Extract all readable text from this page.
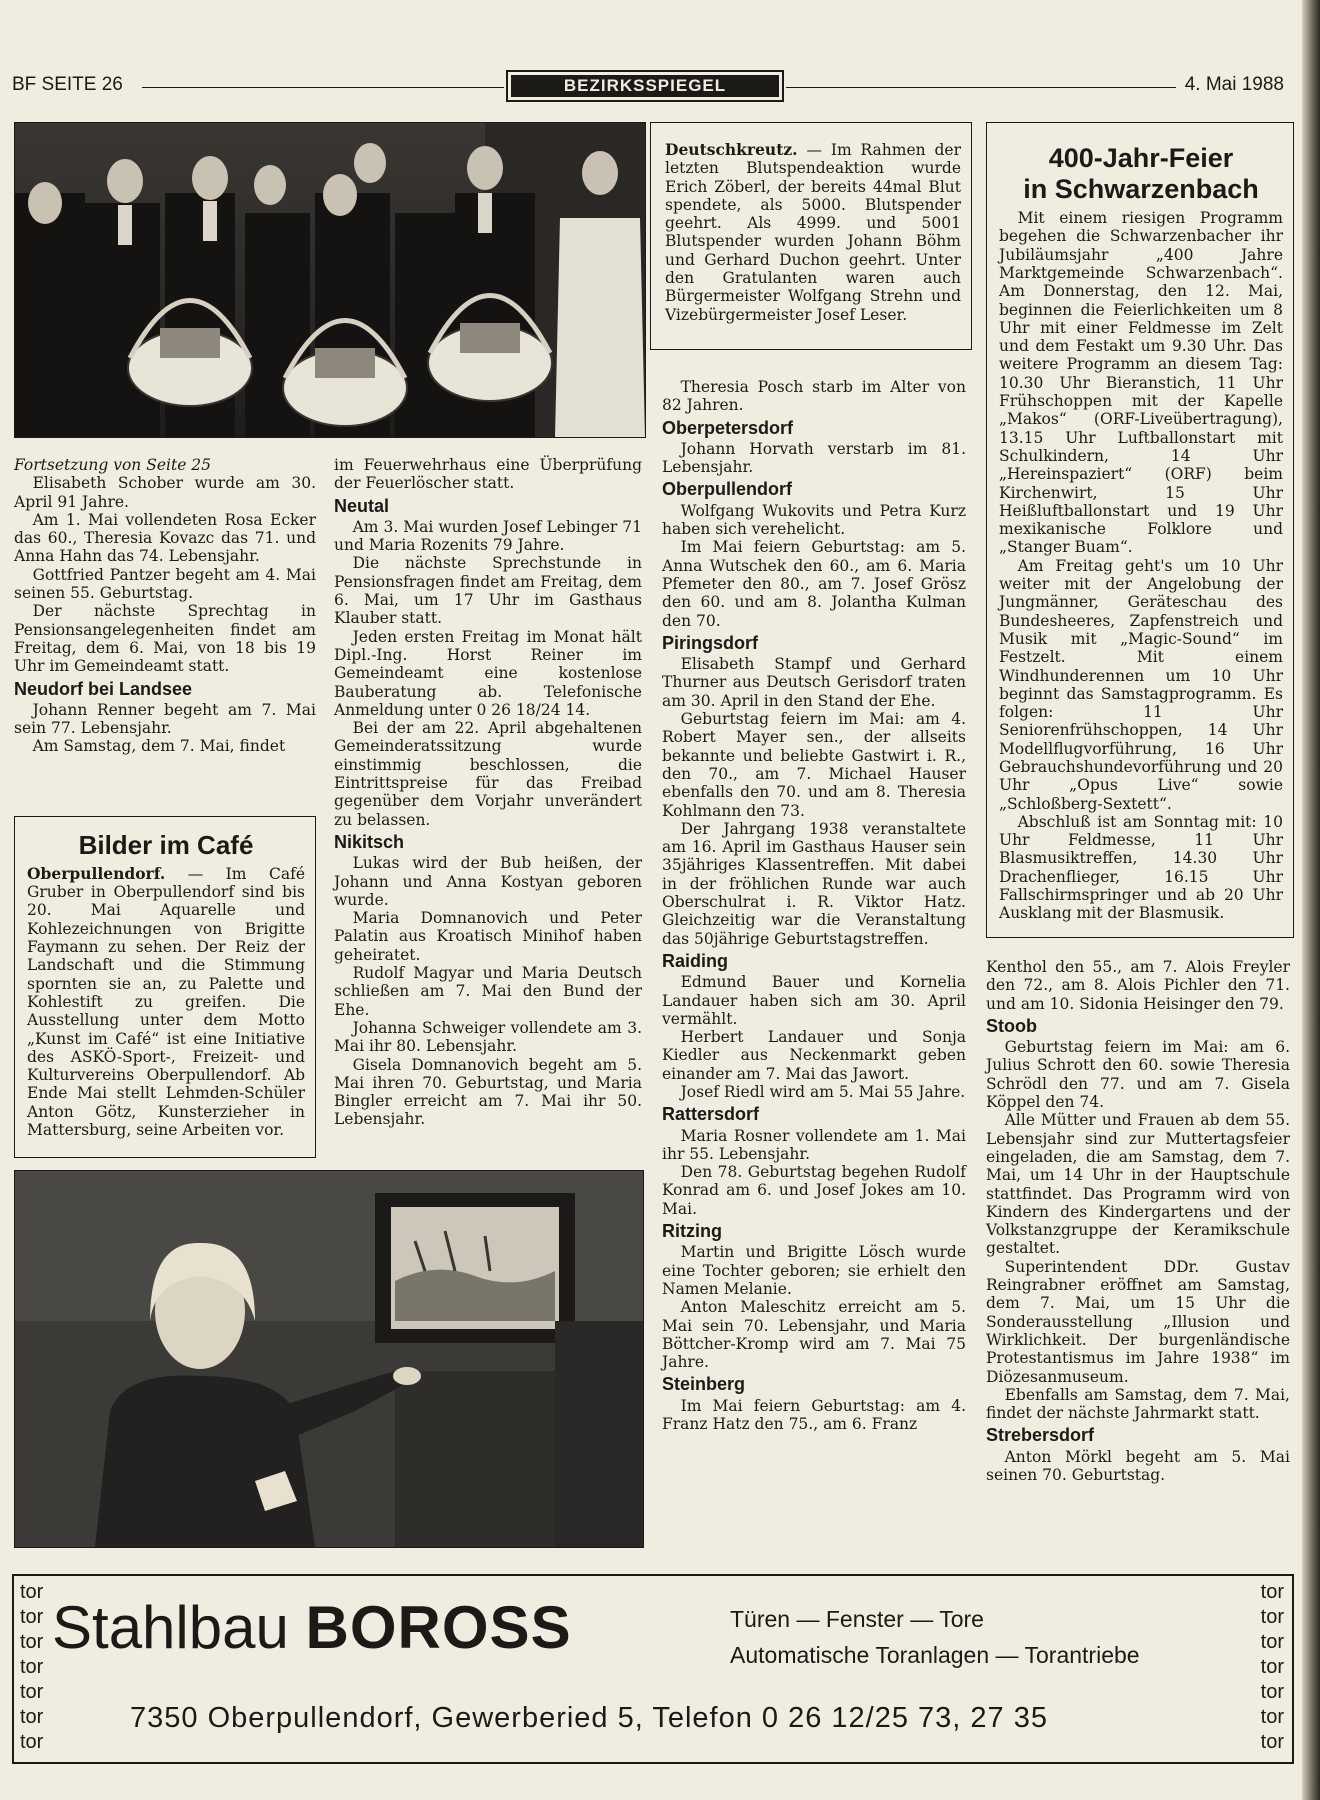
BF SEITE 26	BEZIRKSSPIEGEL	4. Mai 1988

Deutschkreutz. — Im Rahmen der letzten Blutspendeaktion wurde Erich Zöberl, der bereits 44mal Blut spendete, als 5000. Blutspender geehrt. Als 4999. und 5001 Blutspender wurden Johann Böhm und Gerhard Duchon geehrt. Unter den Gratulanten waren auch Bürgermeister Wolfgang Strehn und Vizebürgermeister Josef Leser.

Fortsetzung von Seite 25

Elisabeth Schober wurde am 30. April 91 Jahre.

Am 1. Mai vollendeten Rosa Ecker das 60., Theresia Kovazc das 71. und Anna Hahn das 74. Lebensjahr.

Gottfried Pantzer begeht am 4. Mai seinen 55. Geburtstag.

Der nächste Sprechtag in Pensionsangelegenheiten findet am Freitag, dem 6. Mai, von 18 bis 19 Uhr im Gemeindeamt statt.

Neudorf bei Landsee

Johann Renner begeht am 7. Mai sein 77. Lebensjahr.

Am Samstag, dem 7. Mai, findet

Bilder im Café

Oberpullendorf. — Im Café Gruber in Oberpullendorf sind bis 20. Mai Aquarelle und Kohlezeichnungen von Brigitte Faymann zu sehen. Der Reiz der Landschaft und die Stimmung spornten sie an, zu Palette und Kohlestift zu greifen. Die Ausstellung unter dem Motto „Kunst im Café“ ist eine Initiative des ASKÖ-Sport-, Freizeit- und Kulturvereins Oberpullendorf. Ab Ende Mai stellt Lehmden-Schüler Anton Götz, Kunsterzieher in Mattersburg, seine Arbeiten vor.

im Feuerwehrhaus eine Überprüfung der Feuerlöscher statt.

Neutal

Am 3. Mai wurden Josef Lebinger 71 und Maria Rozenits 79 Jahre.

Die nächste Sprechstunde in Pensionsfragen findet am Freitag, dem 6. Mai, um 17 Uhr im Gasthaus Klauber statt.

Jeden ersten Freitag im Monat hält Dipl.-Ing. Horst Reiner im Gemeindeamt eine kostenlose Bauberatung ab. Telefonische Anmeldung unter 0 26 18/24 14.

Bei der am 22. April abgehaltenen Gemeinderatssitzung wurde einstimmig beschlossen, die Eintrittspreise für das Freibad gegenüber dem Vorjahr unverändert zu belassen.

Nikitsch

Lukas wird der Bub heißen, der Johann und Anna Kostyan geboren wurde.

Maria Domnanovich und Peter Palatin aus Kroatisch Minihof haben geheiratet.

Rudolf Magyar und Maria Deutsch schließen am 7. Mai den Bund der Ehe.

Johanna Schweiger vollendete am 3. Mai ihr 80. Lebensjahr.

Gisela Domnanovich begeht am 5. Mai ihren 70. Geburtstag, und Maria Bingler erreicht am 7. Mai ihr 50. Lebensjahr.

Theresia Posch starb im Alter von 82 Jahren.

Oberpetersdorf

Johann Horvath verstarb im 81. Lebensjahr.

Oberpullendorf

Wolfgang Wukovits und Petra Kurz haben sich verehelicht.

Im Mai feiern Geburtstag: am 5. Anna Wutschek den 60., am 6. Maria Pfemeter den 80., am 7. Josef Grösz den 60. und am 8. Jolantha Kulman den 70.

Piringsdorf

Elisabeth Stampf und Gerhard Thurner aus Deutsch Gerisdorf traten am 30. April in den Stand der Ehe.

Geburtstag feiern im Mai: am 4. Robert Mayer sen., der allseits bekannte und beliebte Gastwirt i. R., den 70., am 7. Michael Hauser ebenfalls den 70. und am 8. Theresia Kohlmann den 73.

Der Jahrgang 1938 veranstaltete am 16. April im Gasthaus Hauser sein 35jähriges Klassentreffen. Mit dabei in der fröhlichen Runde war auch Oberschulrat i. R. Viktor Hatz. Gleichzeitig war die Veranstaltung das 50jährige Geburtstagstreffen.

Raiding

Edmund Bauer und Kornelia Landauer haben sich am 30. April vermählt.

Herbert Landauer und Sonja Kiedler aus Neckenmarkt geben einander am 7. Mai das Jawort.

Josef Riedl wird am 5. Mai 55 Jahre.

Rattersdorf

Maria Rosner vollendete am 1. Mai ihr 55. Lebensjahr.

Den 78. Geburtstag begehen Rudolf Konrad am 6. und Josef Jokes am 10. Mai.

Ritzing

Martin und Brigitte Lösch wurde eine Tochter geboren; sie erhielt den Namen Melanie.

Anton Maleschitz erreicht am 5. Mai sein 70. Lebensjahr, und Maria Böttcher-Kromp wird am 7. Mai 75 Jahre.

Steinberg

Im Mai feiern Geburtstag: am 4. Franz Hatz den 75., am 6. Franz

400-Jahr-Feier
in Schwarzenbach

Mit einem riesigen Programm begehen die Schwarzenbacher ihr Jubiläumsjahr „400 Jahre Marktgemeinde Schwarzenbach“. Am Donnerstag, den 12. Mai, beginnen die Feierlichkeiten um 8 Uhr mit einer Feldmesse im Zelt und dem Festakt um 9.30 Uhr. Das weitere Programm an diesem Tag: 10.30 Uhr Bieranstich, 11 Uhr Frühschoppen mit der Kapelle „Makos“ (ORF-Liveübertragung), 13.15 Uhr Luftballonstart mit Schulkindern, 14 Uhr „Hereinspaziert“ (ORF) beim Kirchenwirt, 15 Uhr Heißluftballonstart und 19 Uhr mexikanische Folklore und „Stanger Buam“.

Am Freitag geht's um 10 Uhr weiter mit der Angelobung der Jungmänner, Geräteschau des Bundesheeres, Zapfenstreich und Musik mit „Magic-Sound“ im Festzelt. Mit einem Windhunderennen um 10 Uhr beginnt das Samstagprogramm. Es folgen: 11 Uhr Seniorenfrühschoppen, 14 Uhr Modellflugvorführung, 16 Uhr Gebrauchshundevorführung und 20 Uhr „Opus Live“ sowie „Schloßberg-Sextett“.

Abschluß ist am Sonntag mit: 10 Uhr Feldmesse, 11 Uhr Blasmusiktreffen, 14.30 Uhr Drachenflieger, 16.15 Uhr Fallschirmspringer und ab 20 Uhr Ausklang mit der Blasmusik.

Kenthol den 55., am 7. Alois Freyler den 72., am 8. Alois Pichler den 71. und am 10. Sidonia Heisinger den 79.

Stoob

Geburtstag feiern im Mai: am 6. Julius Schrott den 60. sowie Theresia Schrödl den 77. und am 7. Gisela Köppel den 74.

Alle Mütter und Frauen ab dem 55. Lebensjahr sind zur Muttertagsfeier eingeladen, die am Samstag, dem 7. Mai, um 14 Uhr in der Hauptschule stattfindet. Das Programm wird von Kindern des Kindergartens und der Volkstanzgruppe der Keramikschule gestaltet.

Superintendent DDr. Gustav Reingrabner eröffnet am Samstag, dem 7. Mai, um 15 Uhr die Sonderausstellung „Illusion und Wirklichkeit. Der burgenländische Protestantismus im Jahre 1938“ im Diözesanmuseum.

Ebenfalls am Samstag, dem 7. Mai, findet der nächste Jahrmarkt statt.

Strebersdorf

Anton Mörkl begeht am 5. Mai seinen 70. Geburtstag.

tor
tor
tor
tor
tor
tor
tor
tor
tor
tor
tor
tor
tor
tor
Stahlbau BOROSS	Türen — Fenster — Tore
Automatische Toranlagen — Torantriebe
7350 Oberpullendorf, Gewerberied 5, Telefon 0 26 12/25 73, 27 35
